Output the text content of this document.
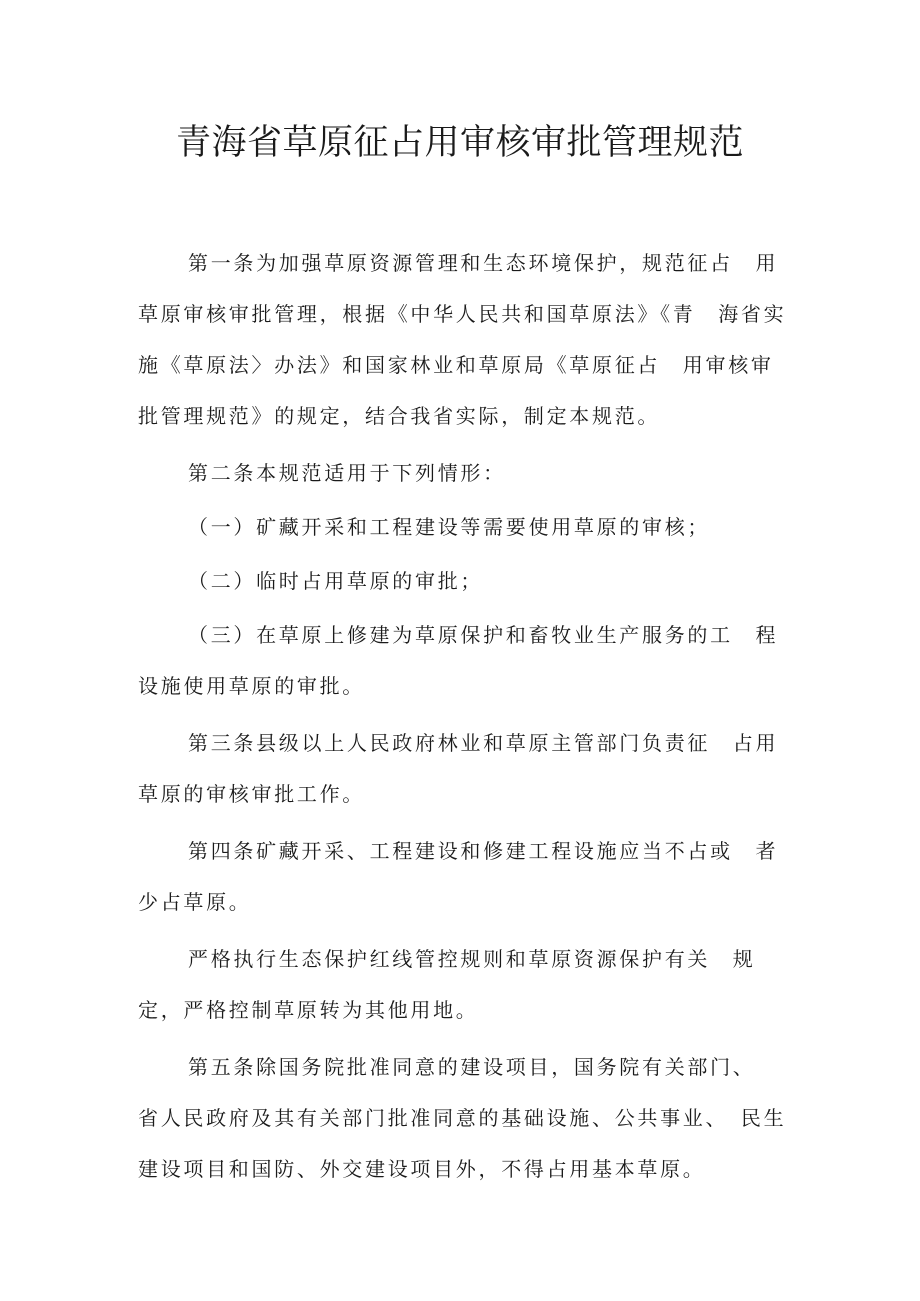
青海省草原征占用审核审批管理规范

第一条为加强草原资源管理和生态环境保护，规范征占　用草原审核审批管理，根据《中华人民共和国草原法》《青　海省实施《草原法〉办法》和国家林业和草原局《草原征占　用审核审批管理规范》的规定，结合我省实际，制定本规范。

第二条本规范适用于下列情形：

（一）矿藏开采和工程建设等需要使用草原的审核；

（二）临时占用草原的审批；

（三）在草原上修建为草原保护和畜牧业生产服务的工　程设施使用草原的审批。

第三条县级以上人民政府林业和草原主管部门负责征　占用草原的审核审批工作。

第四条矿藏开采、工程建设和修建工程设施应当不占或　者少占草原。

严格执行生态保护红线管控规则和草原资源保护有关　规定，严格控制草原转为其他用地。

第五条除国务院批准同意的建设项目，国务院有关部门、　省人民政府及其有关部门批准同意的基础设施、公共事业、　民生建设项目和国防、外交建设项目外，不得占用基本草原。
